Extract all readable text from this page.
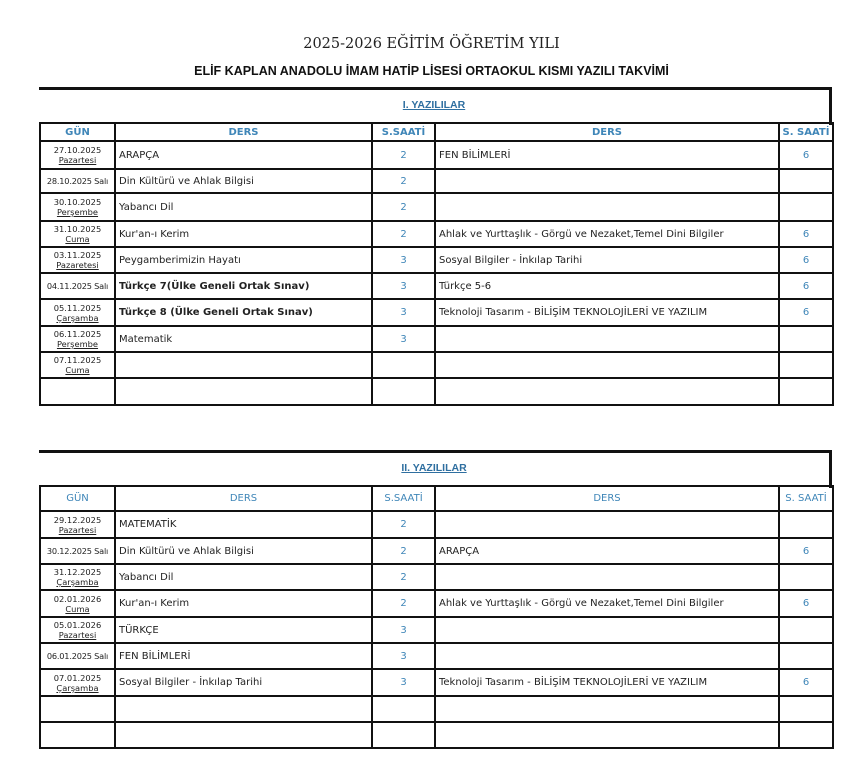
2025-2026 EĞİTİM ÖĞRETİM YILI
ELİF KAPLAN ANADOLU İMAM HATİP LİSESİ ORTAOKUL KISMI YAZILI TAKVİMİ
I. YAZILILAR
GÜN	DERS	S.SAATİ	DERS	S. SAATİ

27.10.2025
Pazartesi	ARAPÇA	2	FEN BİLİMLERİ	6

28.10.2025 Salı	Din Kültürü ve Ahlak Bilgisi	2		

30.10.2025
Perşembe	Yabancı Dil	2		

31.10.2025
Cuma	Kur'an-ı Kerim	2	Ahlak ve Yurttaşlık - Görgü ve Nezaket,Temel Dini Bilgiler	6

03.11.2025
Pazaretesi	Peygamberimizin Hayatı	3	Sosyal Bilgiler - İnkılap Tarihi	6

04.11.2025 Salı	Türkçe 7(Ülke Geneli Ortak Sınav)	3	Türkçe 5-6	6

05.11.2025
Çarşamba	Türkçe 8 (Ülke Geneli Ortak Sınav)	3	Teknoloji Tasarım - BİLİŞİM TEKNOLOJİLERİ VE YAZILIM	6

06.11.2025
Perşembe	Matematik	3		

07.11.2025
Cuma				

II. YAZILILAR
GÜN	DERS	S.SAATİ	DERS	S. SAATİ

29.12.2025
Pazartesi	MATEMATİK	2		

30.12.2025 Salı	Din Kültürü ve Ahlak Bilgisi	2	ARAPÇA	6

31.12.2025
Çarşamba	Yabancı Dil	2		

02.01.2026
Cuma	Kur'an-ı Kerim	2	Ahlak ve Yurttaşlık - Görgü ve Nezaket,Temel Dini Bilgiler	6

05.01.2026
Pazartesi	TÜRKÇE	3		

06.01.2025 Salı	FEN BİLİMLERİ	3		

07.01.2025
Çarşamba	Sosyal Bilgiler - İnkılap Tarihi	3	Teknoloji Tasarım - BİLİŞİM TEKNOLOJİLERİ VE YAZILIM	6
